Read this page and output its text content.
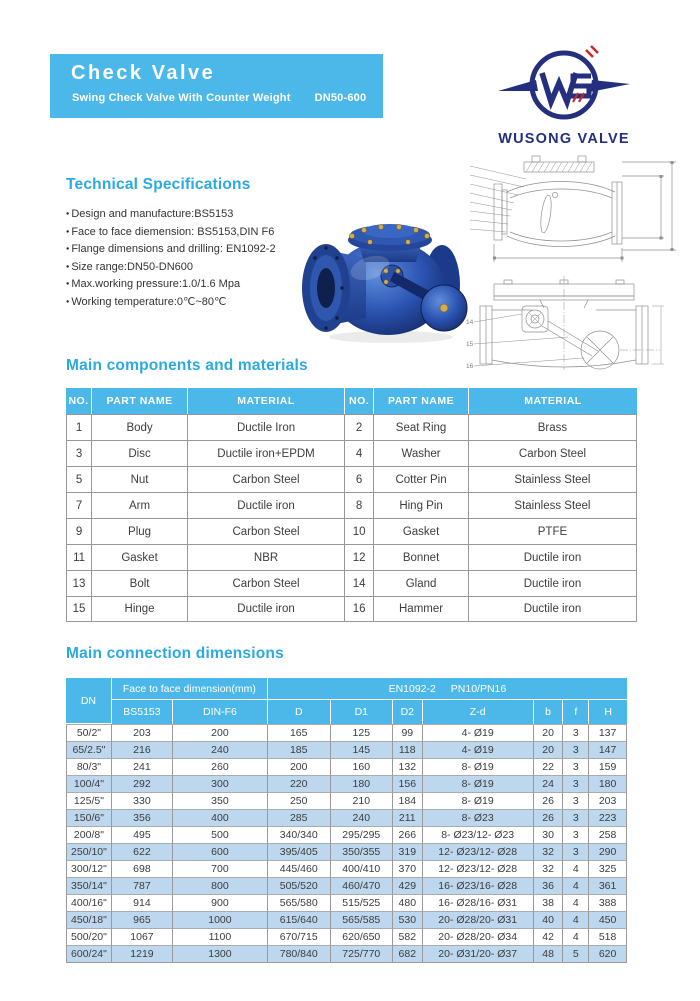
Check Valve
Swing Check Valve With Counter Weight DN50-600
WUSONG VALVE
Technical Specifications
● Design and manufacture:BS5153
● Face to face diemension: BS5153,DIN F6
● Flange dimensions and drilling: EN1092-2
● Size range:DN50-DN600
● Max.working pressure:1.0/1.6 Mpa
● Working temperature:0℃~80℃
14
15
16
Main components and materials
NO.	PART NAME	MATERIAL	NO.	PART NAME	MATERIAL
1	Body	Ductile Iron	2	Seat Ring	Brass
3	Disc	Ductile iron+EPDM	4	Washer	Carbon Steel
5	Nut	Carbon Steel	6	Cotter Pin	Stainless Steel
7	Arm	Ductile iron	8	Hing Pin	Stainless Steel
9	Plug	Carbon Steel	10	Gasket	PTFE
11	Gasket	NBR	12	Bonnet	Ductile iron
13	Bolt	Carbon Steel	14	Gland	Ductile iron
15	Hinge	Ductile iron	16	Hammer	Ductile iron
Main connection dimensions
DN	Face to face dimension(mm)		EN1092-2 PN10/PN16						
	BS5153	DIN-F6	D	D1	D2	Z-d	b	f	H
50/2"	203	200	165	125	99	4- Ø19	20	3	137
65/2.5"	216	240	185	145	118	4- Ø19	20	3	147
80/3"	241	260	200	160	132	8- Ø19	22	3	159
100/4"	292	300	220	180	156	8- Ø19	24	3	180
125/5"	330	350	250	210	184	8- Ø19	26	3	203
150/6"	356	400	285	240	211	8- Ø23	26	3	223
200/8"	495	500	340/340	295/295	266	8- Ø23/12- Ø23	30	3	258
250/10"	622	600	395/405	350/355	319	12- Ø23/12- Ø28	32	3	290
300/12"	698	700	445/460	400/410	370	12- Ø23/12- Ø28	32	4	325
350/14"	787	800	505/520	460/470	429	16- Ø23/16- Ø28	36	4	361
400/16"	914	900	565/580	515/525	480	16- Ø28/16- Ø31	38	4	388
450/18"	965	1000	615/640	565/585	530	20- Ø28/20- Ø31	40	4	450
500/20"	1067	1100	670/715	620/650	582	20- Ø28/20- Ø34	42	4	518
600/24"	1219	1300	780/840	725/770	682	20- Ø31/20- Ø37	48	5	620
